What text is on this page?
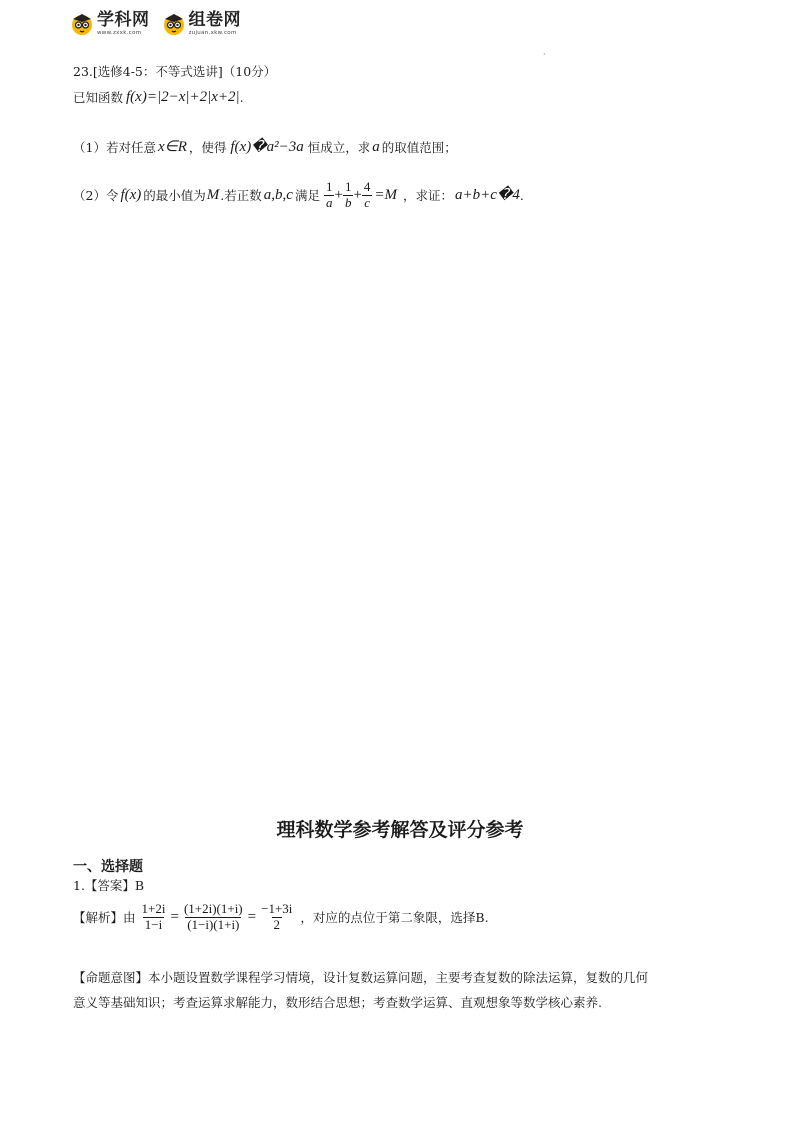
学科网
www.zxxk.com
组卷网
zujuan.xkw.com
·
23.[选修4-5：不等式选讲]（10分）
已知函数 f(x)=|2−x|+2|x+2| .
（1）若对任意 x∈R ，使得 f(x)�a²−3a 恒成立，求 a 的取值范围；
（2）令 f(x) 的最小值为 M .若正数 a,b,c 满足 $\frac{1}{a} + \frac{1}{b} + \frac{4}{c} =M$ ，求证： a+b+c�4 .
理科数学参考解答及评分参考
一、选择题
1.【答案】B
【解析】由 $\frac{1+2i}{1-i} = \frac{(1+2i)(1+i)}{(1-i)(1+i)} = \frac{-1+3i}{2}$ ，对应的点位于第二象限，选择B.
【命题意图】本小题设置数学课程学习情境，设计复数运算问题，主要考查复数的除法运算，复数的几何
意义等基础知识；考查运算求解能力，数形结合思想；考查数学运算、直观想象等数学核心素养.
